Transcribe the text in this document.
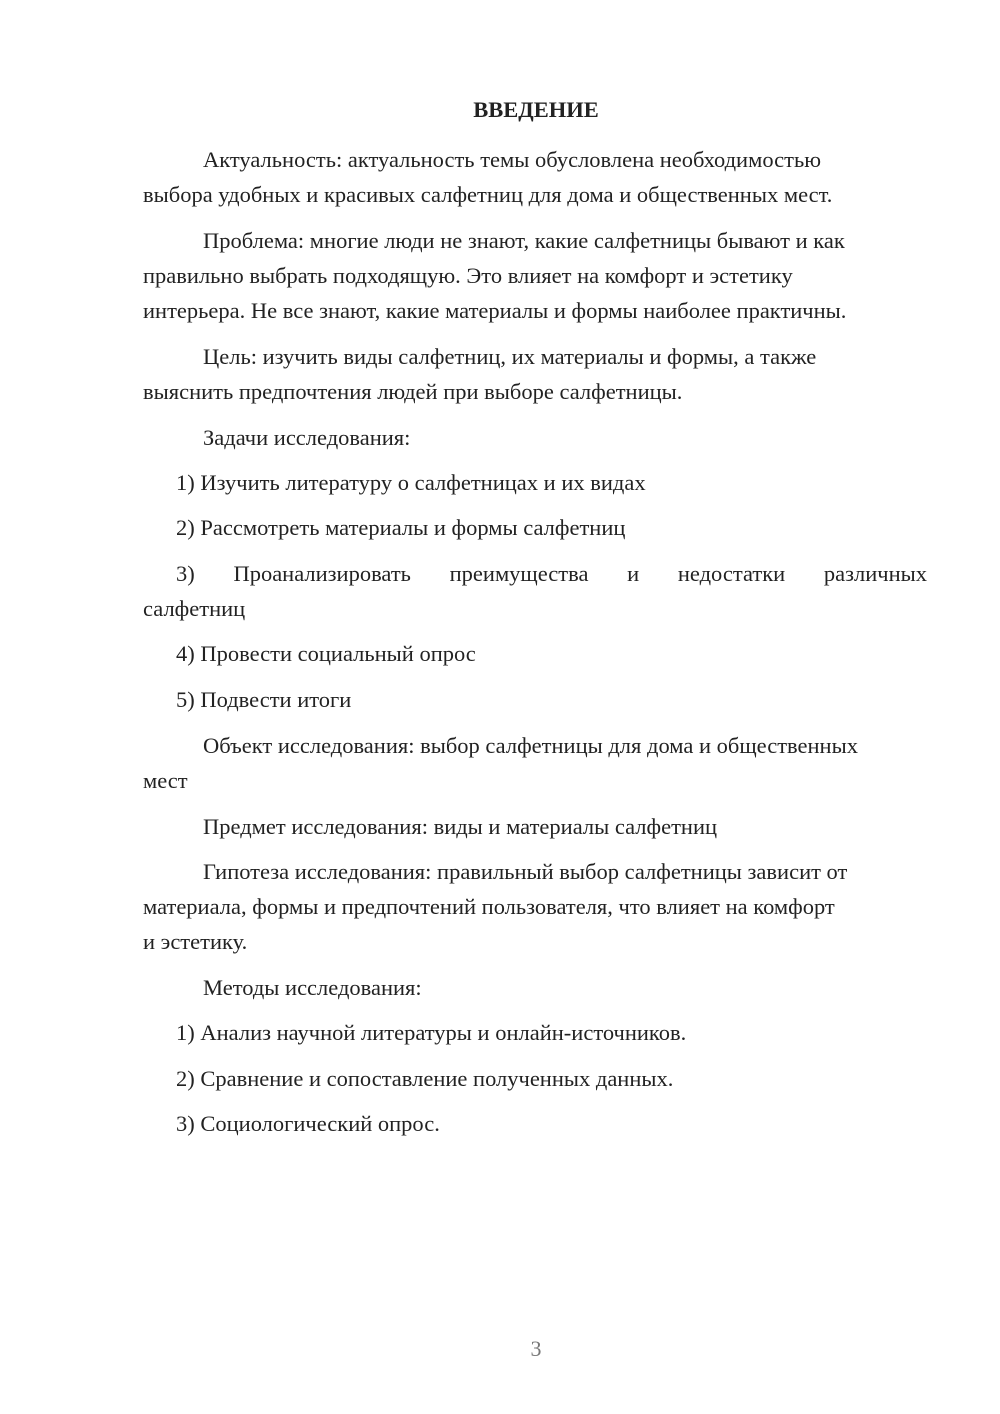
ВВЕДЕНИЕ
Актуальность: актуальность темы обусловлена необходимостью
выбора удобных и красивых салфетниц для дома и общественных мест.
Проблема: многие люди не знают, какие салфетницы бывают и как
правильно выбрать подходящую. Это влияет на комфорт и эстетику
интерьера. Не все знают, какие материалы и формы наиболее практичны.
Цель: изучить виды салфетниц, их материалы и формы, а также
выяснить предпочтения людей при выборе салфетницы.
Задачи исследования:
1) Изучить литературу о салфетницах и их видах
2) Рассмотреть материалы и формы салфетниц
3) Проанализировать преимущества и недостатки различных
салфетниц
4) Провести социальный опрос
5) Подвести итоги
Объект исследования: выбор салфетницы для дома и общественных
мест
Предмет исследования: виды и материалы салфетниц
Гипотеза исследования: правильный выбор салфетницы зависит от
материала, формы и предпочтений пользователя, что влияет на комфорт
и эстетику.
Методы исследования:
1) Анализ научной литературы и онлайн-источников.
2) Сравнение и сопоставление полученных данных.
3) Социологический опрос.
3
